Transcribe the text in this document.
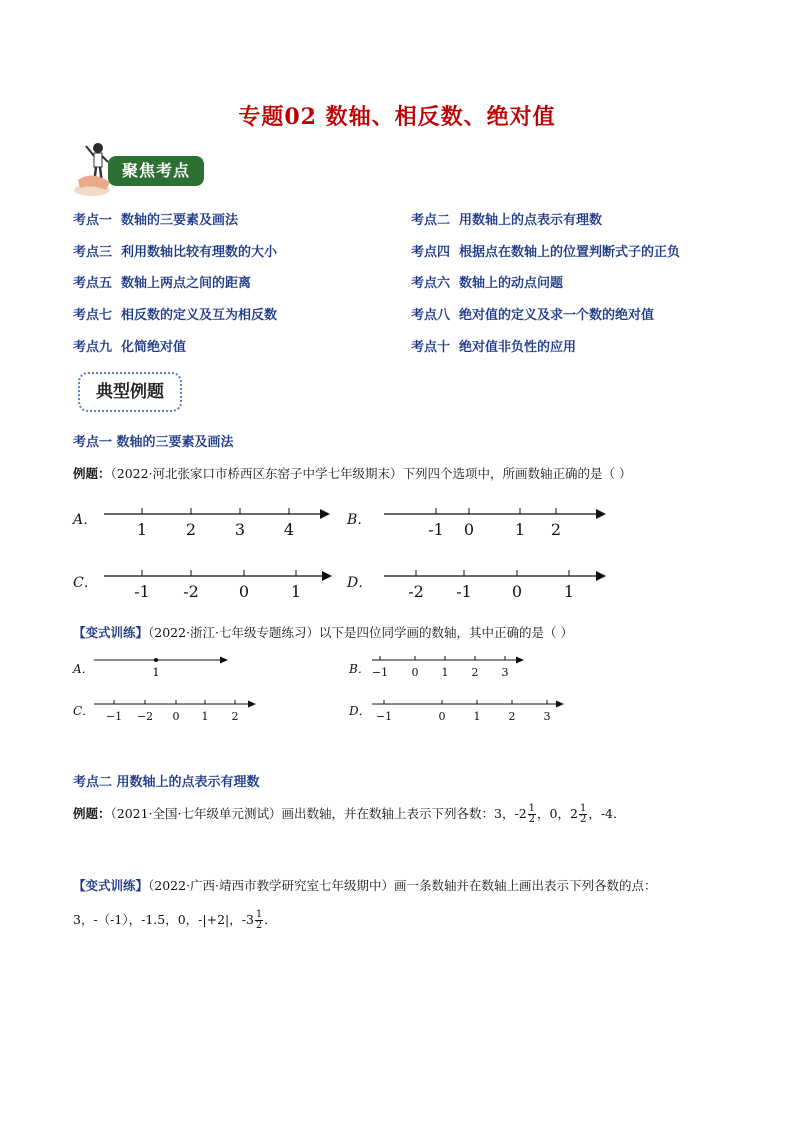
专题02 数轴、相反数、绝对值
聚焦考点
考点一 数轴的三要素及画法	考点二 用数轴上的点表示有理数
考点三 利用数轴比较有理数的大小	考点四 根据点在数轴上的位置判断式子的正负
考点五 数轴上两点之间的距离	考点六 数轴上的动点问题
考点七 相反数的定义及互为相反数	考点八 绝对值的定义及求一个数的绝对值
考点九 化简绝对值	考点十 绝对值非负性的应用
典型例题
考点一 数轴的三要素及画法
例题：（2022·河北张家口市桥西区东窑子中学七年级期末）下列四个选项中，所画数轴正确的是（ ）
A． 1 2 3 4	B．	-1 0	1 2
C． -1 -2	0	1	D． -2 -1	0	1
【变式训练】（2022·浙江·七年级专题练习）以下是四位同学画的数轴，其中正确的是（ ）
A．	1	B． −1 0 1 2 3
C． −1 −2 0 1 2	D． −1	0	1	2	3
考点二 用数轴上的点表示有理数
例题：（2021·全国·七年级单元测试）画出数轴，并在数轴上表示下列各数：3，$-2 \frac{1}{2}$ ，0，$2 \frac{1}{2}$ ，-4．
【变式训练】（2022·广西·靖西市教学研究室七年级期中）画一条数轴并在数轴上画出表示下列各数的点：
3，-（-1），-1.5，0，-|+2|，$-3 \frac{1}{2}$ ．
